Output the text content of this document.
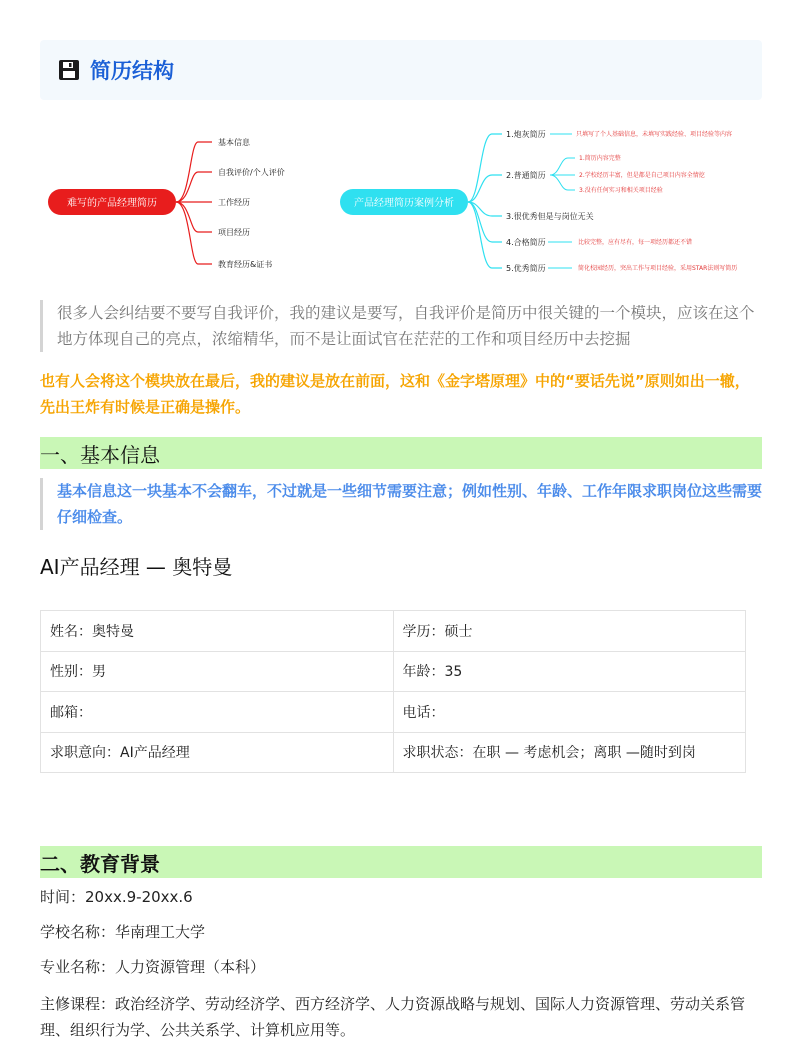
简历结构
难写的产品经理简历
基本信息
自我评价/个人评价
工作经历
项目经历
教育经历&证书
产品经理简历案例分析
1.炮灰简历
2.普通简历
3.很优秀但是与岗位无关
4.合格简历
5.优秀简历
只填写了个人基础信息，未填写实践经验、项目经验等内容
1.简历内容完整
2.学校经历丰富，但是都是自己项目内容全情挖
3.没有任何实习和相关项目经验
比较完整，应有尽有，每一项经历都还不错
简化校园经历，突出工作与项目经验，采用STAR法则写简历
很多人会纠结要不要写自我评价，我的建议是要写，自我评价是简历中很关键的一个模块，应该在这个地方体现自己的亮点，浓缩精华，而不是让面试官在茫茫的工作和项目经历中去挖掘
也有人会将这个模块放在最后，我的建议是放在前面，这和《金字塔原理》中的“要话先说”原则如出一辙，先出王炸有时候是正确是操作。
一、基本信息
基本信息这一块基本不会翻车，不过就是一些细节需要注意；例如性别、年龄、工作年限求职岗位这些需要仔细检查。
AI产品经理 — 奥特曼
姓名：奥特曼	学历：硕士
性别：男	年龄：35
邮箱：	电话：
求职意向：AI产品经理	求职状态：在职 — 考虑机会；离职 —随时到岗
二、教育背景
时间：20xx.9-20xx.6
学校名称：华南理工大学
专业名称：人力资源管理（本科）
主修课程：政治经济学、劳动经济学、西方经济学、人力资源战略与规划、国际人力资源管理、劳动关系管理、组织行为学、公共关系学、计算机应用等。
